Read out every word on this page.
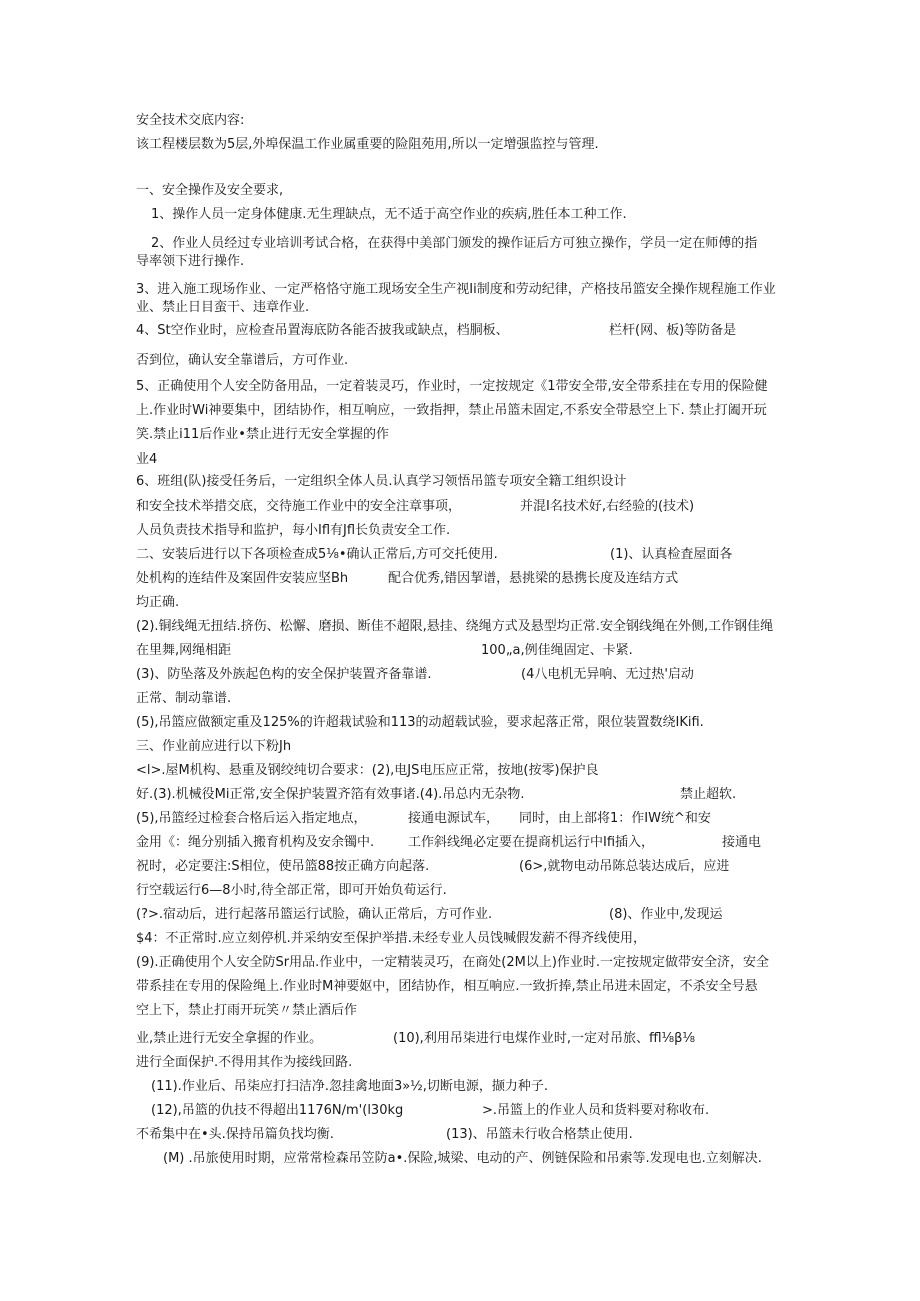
安全技术交底内容:
该工程楼层数为5层,外埠保温工作业属重要的险阻苑用,所以一定增强监控与管理.
一、安全操作及安全要求,
1、操作人员一定身体健康.无生理缺点，无不适于高空作业的疾病,胜任本工种工作.
2、作业人员经过专业培训考试合格，在获得中美部门颁发的操作证后方可独立操作，学员一定在师傅的指
导率领下进行操作.
3、进入施工现场作业、一定严格恪守施工现场安全生产视Ii制度和劳动纪律，产格技吊篮安全操作规程施工作业
业、禁止日目蛮干、违章作业.
4、St空作业时，应检查吊置海底防各能否披我或缺点，档胴板、	栏杆(网、板)等防备是
否到位，确认安全靠谱后，方可作业.
5、正确使用个人安全防备用品，一定着装灵巧，作业时，一定按规定《1带安全带,安全带系挂在专用的保险健
上.作业时Wi神要集中，团结协作，相互响应，一致指押，禁止吊篮未固定,不系安全带悬空上下. 禁止打阖开玩
笑.禁止i11后作业•禁止进行无安全掌握的作
业4
6、班组(队)接受任务后，一定组织全体人员.认真学习领悟吊篮专项安全籍工组织设计
和安全技术举措交底，交待施工作业中的安全注章事项，	并混I名技术好,右经验的(技术)
人员负责技术指导和监护，每小Ifl有Jfl长负责安全工作.
二、安装后进行以下各项检查成5⅛•确认正常后,方可交托使用.	(1)、认真检査屋面各
处机构的连结件及案固件安装应坚Bh	配合优秀,错因挈谱，悬挑梁的悬携长度及连结方式
均正确.
(2).铜线绳无扭结.挤伤、松懈、磨损、断佳不超限,悬挂、绕绳方式及悬型均正常.安全钢线绳在外侧,工作钢佳绳
在里舞,网绳相距	100„a,例佳绳固定、卡紧.
(3)、防坠落及外族起色构的安全保护装置齐备靠谱.	(4八电机无异响、无过热'启动
正常、制动靠谱.
(5),吊篮应做额定重及125%的许超栽试验和113的动超载试验，要求起落正常，限位装置数绕IKifi.
三、作业前应进行以下粉Jh
<l>.屋M机构、悬重及钢绞纯切合要求：(2),电JS电压应正常，按地(按零)保护良
好.(3).机械役Mi正常,安全保护装置齐箔有效事诸.(4).吊总内无杂物.	禁止超软.
(5),吊篮经过检套合格后运入指定地点，	接通电源试车， 同时，由上部将1：作IW统^和安
金用《：绳分别插入搬育机构及安余镯中.	工作斜线绳必定要在提商机运行中Ifi插入，	接通电
祝时，必定要注:S相位，使吊篮88按正确方向起落.	(6>,就物电动吊陈总装达成后，应进
行空载运行6—8小时,待全部正常，即可开始负荀运行.
(?>.宿动后，进行起落吊篮运行试脸，确认正常后，方可作业.	(8)、作业中,发现运
$4：不正常时.应立刻停机.并采纳安至保护举措.未经专业人员饯喊假发薪不得齐线使用，
(9).正确使用个人安全防Sr用品.作业中，一定精装灵巧，在商处(2M以上)作业时.一定按规定做带安全济，安全
带系挂在专用的保险绳上.作业时M神要妪中，团结协作，相互响应.一致折捧,禁止吊进未固定，不杀安全号悬
空上下，禁止打雨开玩笑〃禁止酒后作
业,禁止进行无安全拿握的作业。	(10),利用吊柒进行电煤作业时,一定对吊旅、ffl⅛β⅛
进行全面保护.不得用其作为接线回路.
(11).作业后、吊柒应打扫洁净.忽挂禽地面3»½,切断电源，撷力种子.
(12),吊篮的仇技不得超出1176N∕m'(l30kg	>.吊篮上的作业人员和货料要对称收布.
不希集中在•头.保持吊篇负找均衡.	(13)、吊篮未行收合格禁止使用.
(M) .吊旅使用时期，应常常检森吊笠防a•.保险,城梁、电动的产、例链保险和吊索等.发现电也.立刻解决.
